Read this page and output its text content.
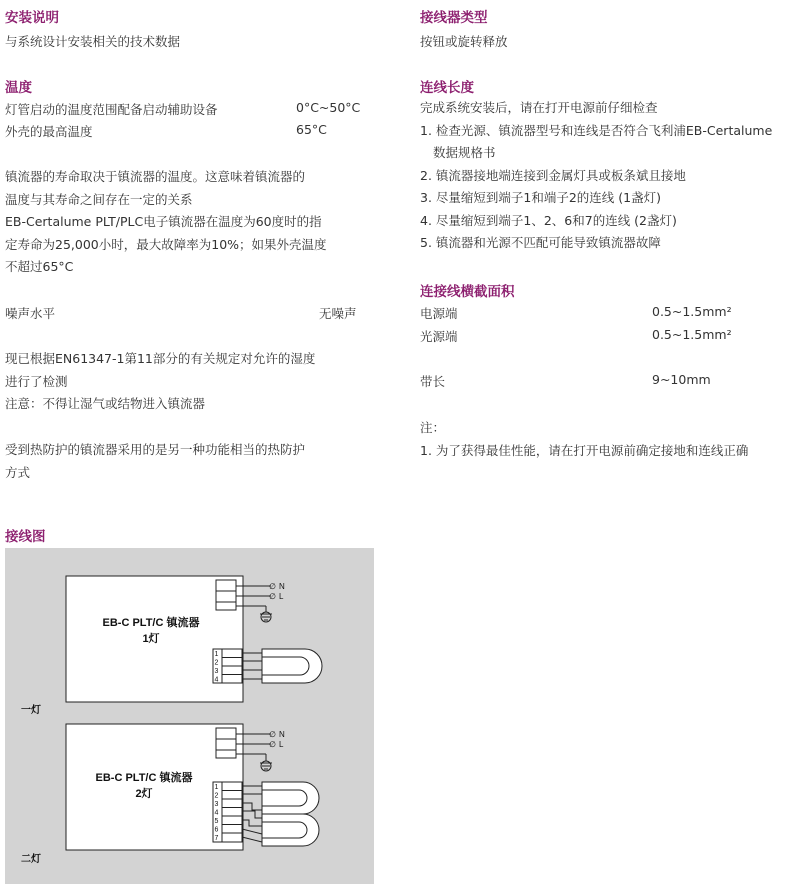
安装说明
与系统设计安装相关的技术数据
温度
灯管启动的温度范围配备启动辅助设备	0°C~50°C
外壳的最高温度	65°C
镇流器的寿命取决于镇流器的温度。这意味着镇流器的
温度与其寿命之间存在一定的关系
EB-Certalume PLT/PLC电子镇流器在温度为60度时的指
定寿命为25,000小时，最大故障率为10%；如果外壳温度
不超过65°C
噪声水平	无噪声
现已根据EN61347-1第11部分的有关规定对允许的湿度
进行了检测
注意：不得让湿气或结物进入镇流器
受到热防护的镇流器采用的是另一种功能相当的热防护
方式
接线器类型
按钮或旋转释放
连线长度
完成系统安装后，请在打开电源前仔细检查
1. 检查光源、镇流器型号和连线是否符合飞利浦EB-Certalume
数据规格书
2. 镇流器接地端连接到金属灯具或板条斌且接地
3. 尽量缩短到端子1和端子2的连线 (1盏灯)
4. 尽量缩短到端子1、2、6和7的连线 (2盏灯)
5. 镇流器和光源不匹配可能导致镇流器故障
连接线横截面积
电源端	0.5~1.5mm²
光源端	0.5~1.5mm²
带长	9~10mm
注：
1. 为了获得最佳性能，请在打开电源前确定接地和连线正确
接线图
EB-C PLT/C 镇流器
1灯
∅ N
∅ L
1
2
3
4
一灯
EB-C PLT/C 镇流器
2灯
∅ N
∅ L
1
2
3
4
5
6
7
二灯
